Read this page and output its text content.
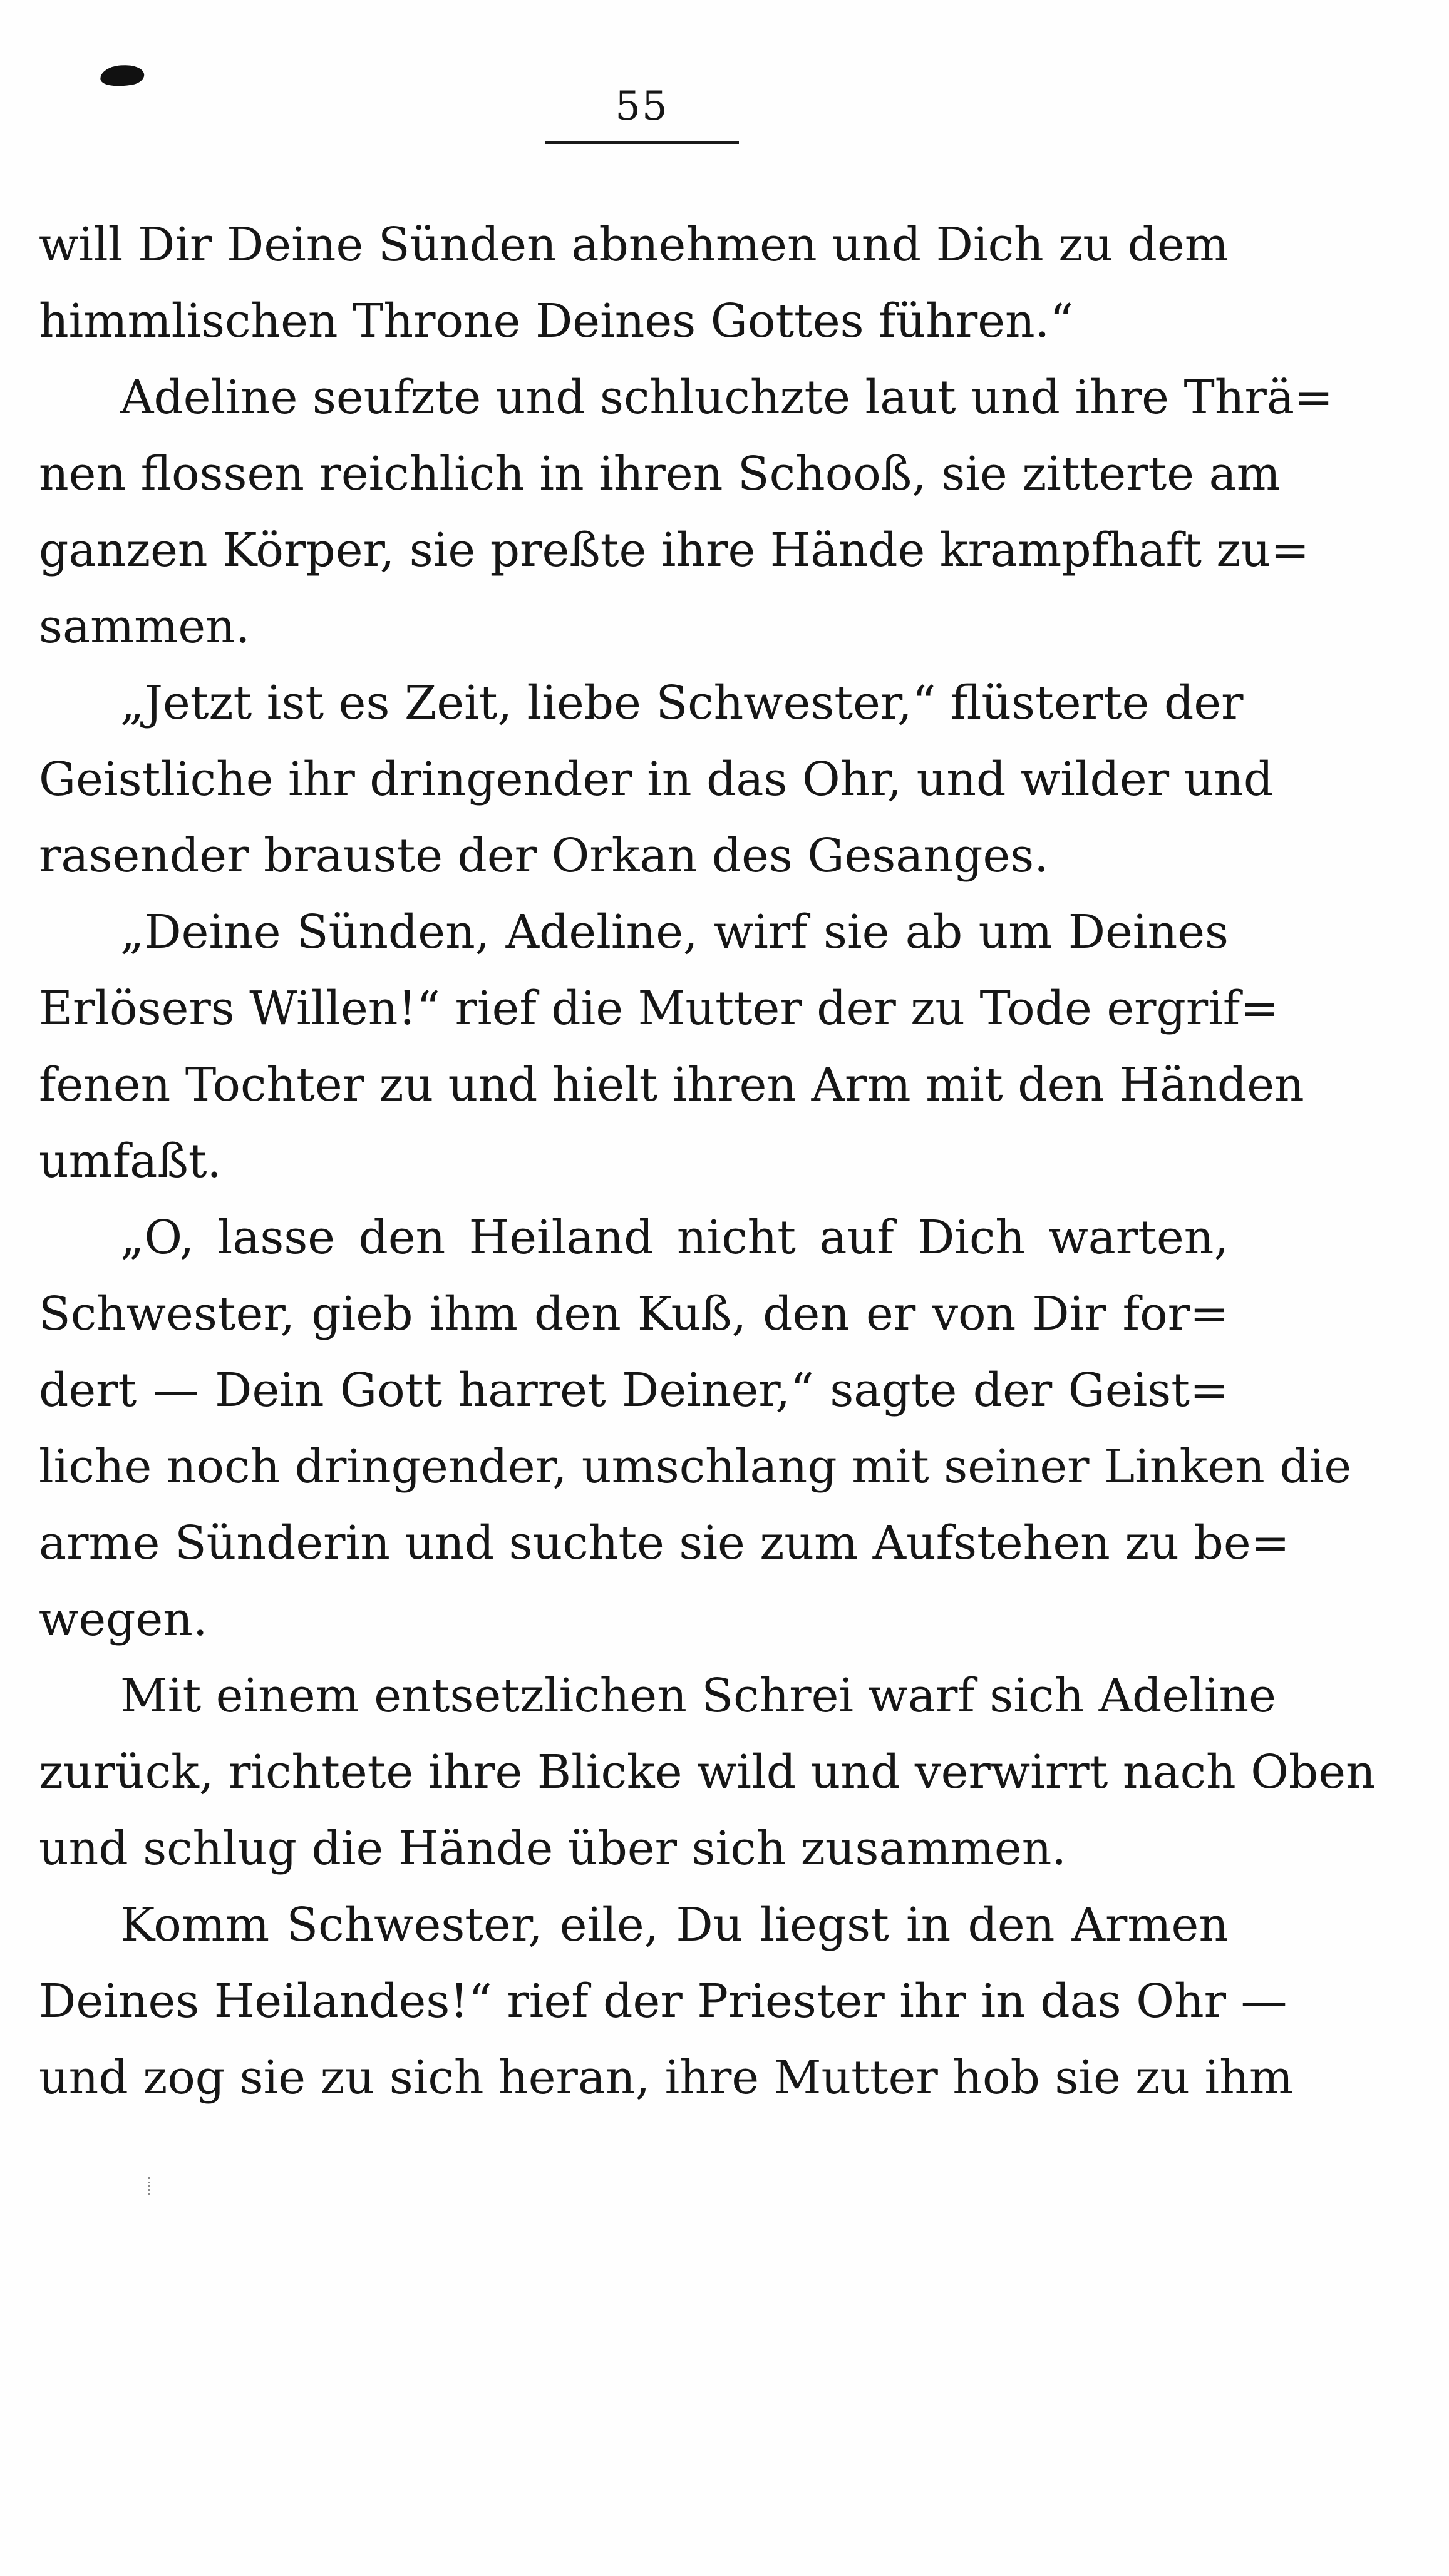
55
will Dir Deine Sünden abnehmen und Dich zu dem
himmlischen Throne Deines Gottes führen.“
Adeline seufzte und schluchzte laut und ihre Thrä=
nen flossen reichlich in ihren Schooß, sie zitterte am
ganzen Körper, sie preßte ihre Hände krampfhaft zu=
sammen.
„Jetzt ist es Zeit, liebe Schwester,“ flüsterte der
Geistliche ihr dringender in das Ohr, und wilder und
rasender brauste der Orkan des Gesanges.
„Deine Sünden, Adeline, wirf sie ab um Deines
Erlösers Willen!“ rief die Mutter der zu Tode ergrif=
fenen Tochter zu und hielt ihren Arm mit den Händen
umfaßt.
„O, lasse den Heiland nicht auf Dich warten,
Schwester, gieb ihm den Kuß, den er von Dir for=
dert — Dein Gott harret Deiner,“ sagte der Geist=
liche noch dringender, umschlang mit seiner Linken die
arme Sünderin und suchte sie zum Aufstehen zu be=
wegen.
Mit einem entsetzlichen Schrei warf sich Adeline
zurück, richtete ihre Blicke wild und verwirrt nach Oben
und schlug die Hände über sich zusammen.
Komm Schwester, eile, Du liegst in den Armen
Deines Heilandes!“ rief der Priester ihr in das Ohr —
und zog sie zu sich heran, ihre Mutter hob sie zu ihm
